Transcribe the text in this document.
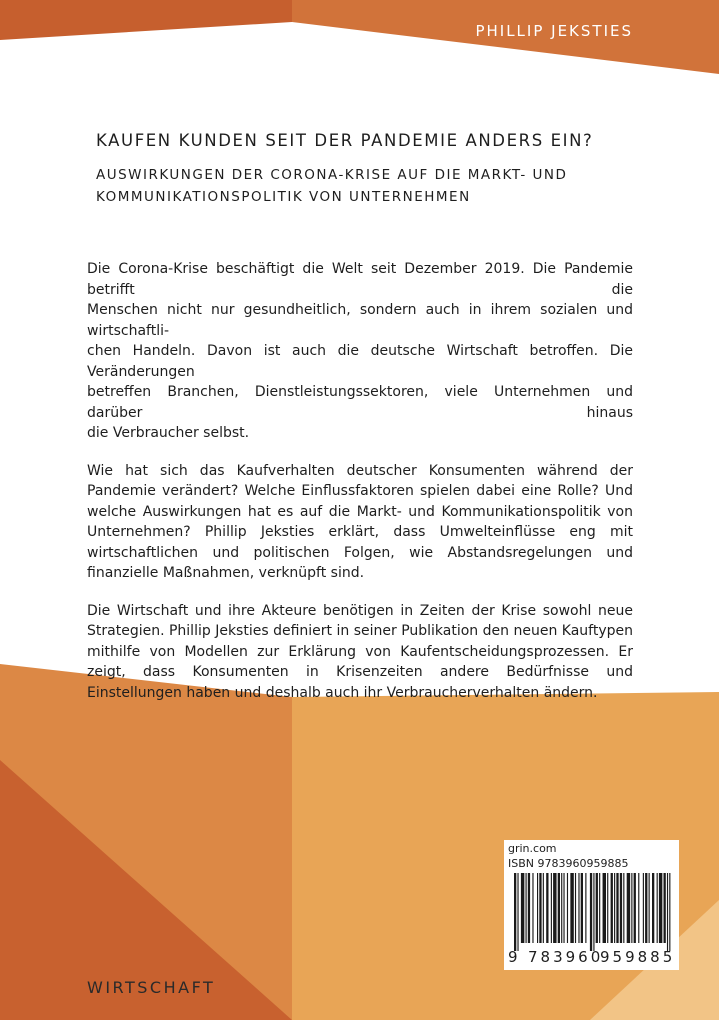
PHILLIP JEKSTIES
KAUFEN KUNDEN SEIT DER PANDEMIE ANDERS EIN?
AUSWIRKUNGEN DER CORONA-KRISE AUF DIE MARKT- UND
KOMMUNIKATIONSPOLITIK VON UNTERNEHMEN

Die Corona-Krise beschäftigt die Welt seit Dezember 2019. Die Pandemie betrifft die
Menschen nicht nur gesundheitlich, sondern auch in ihrem sozialen und wirtschaftli-
chen Handeln. Davon ist auch die deutsche Wirtschaft betroffen. Die Veränderungen
betreffen Branchen, Dienstleistungssektoren, viele Unternehmen und darüber hinaus
die Verbraucher selbst.

Wie hat sich das Kaufverhalten deutscher Konsumenten während der Pandemie verändert? Welche Einflussfaktoren spielen dabei eine Rolle? Und welche Auswirkungen hat es auf die Markt- und Kommunikationspolitik von Unternehmen? Phillip Jeksties erklärt, dass Umwelteinflüsse eng mit wirtschaftlichen und politischen Folgen, wie Abstandsregelungen und finanzielle Maßnahmen, verknüpft sind.

Die Wirtschaft und ihre Akteure benötigen in Zeiten der Krise sowohl neue Strategien. Phillip Jeksties definiert in seiner Publikation den neuen Kauftypen mithilfe von Modellen zur Erklärung von Kaufentscheidungsprozessen. Er zeigt, dass Konsumenten in Krisenzeiten andere Bedürfnisse und Einstellungen haben und deshalb auch ihr Verbraucherverhalten ändern.

grin.com
ISBN 9783960959885
9 783960
959885
WIRTSCHAFT
